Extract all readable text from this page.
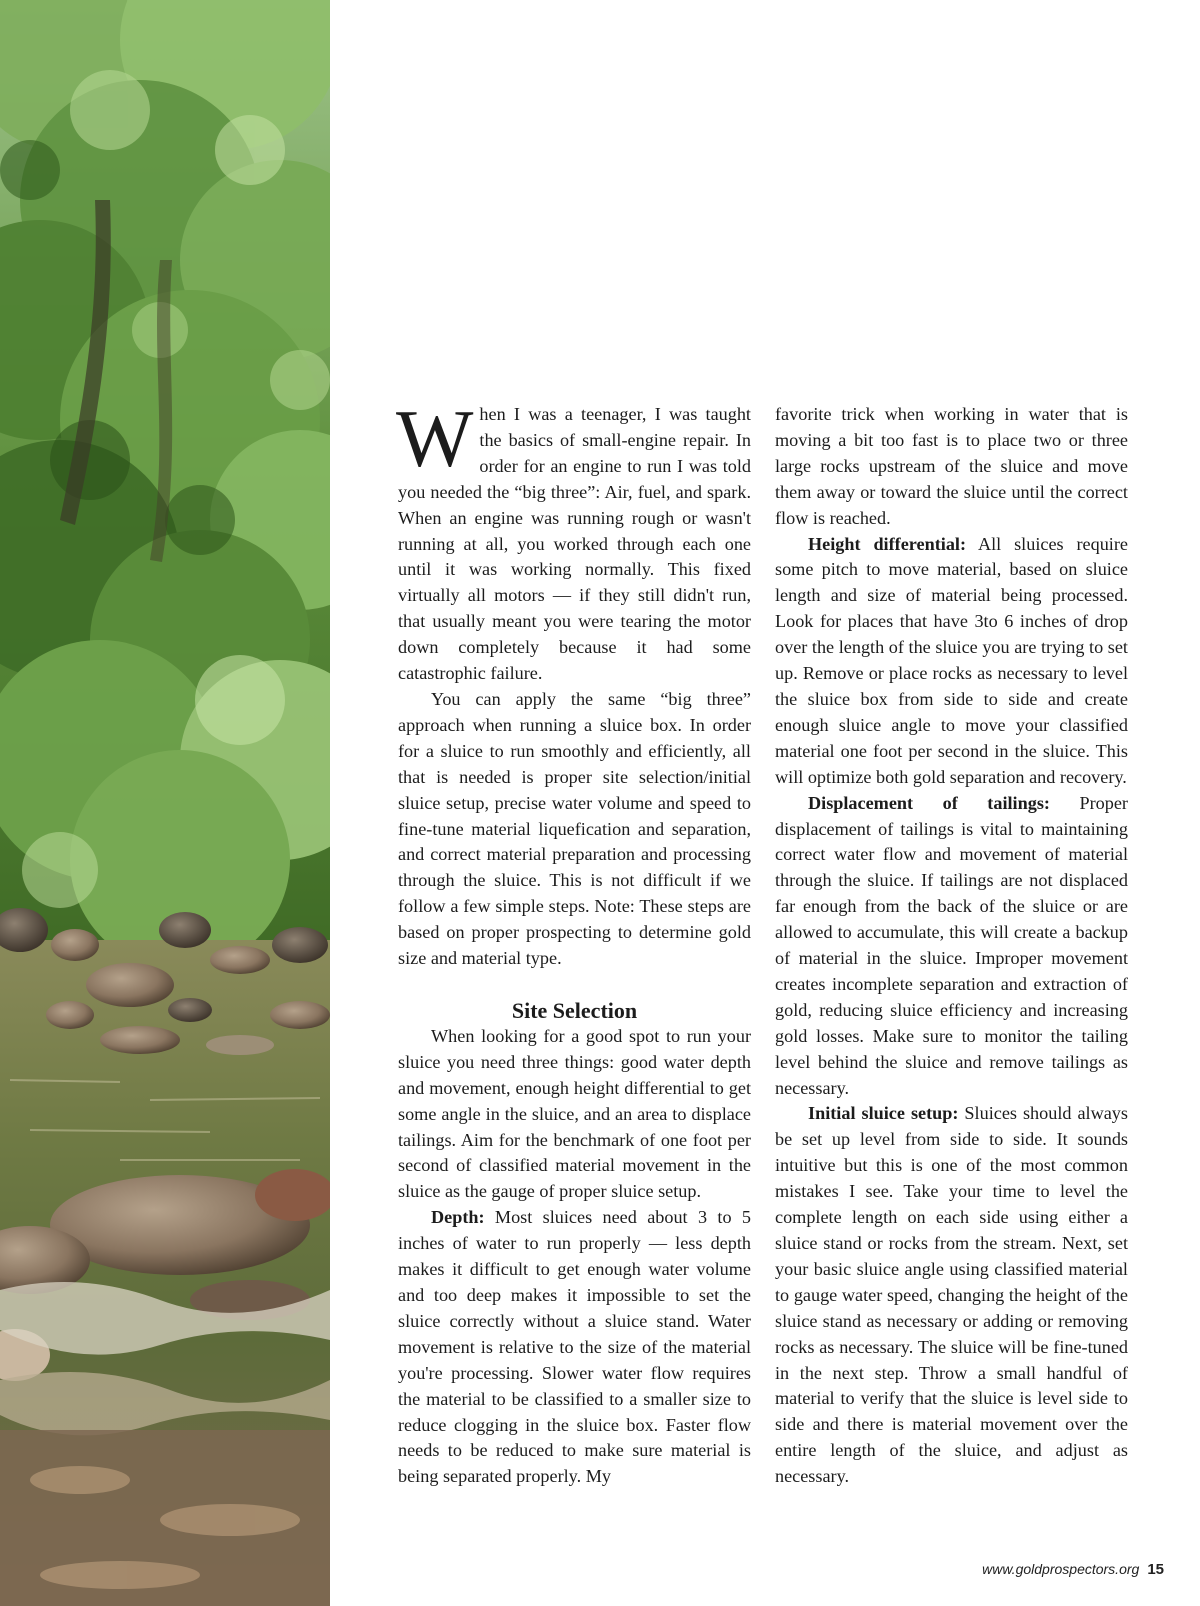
When I was a teenager, I was taught the basics of small-engine repair. In order for an engine to run I was told you needed the “big three”: Air, fuel, and spark. When an engine was running rough or wasn't running at all, you worked through each one until it was working normally. This fixed virtually all motors — if they still didn't run, that usually meant you were tearing the motor down completely because it had some catastrophic failure.

You can apply the same “big three” approach when running a sluice box. In order for a sluice to run smoothly and efficiently, all that is needed is proper site selection/initial sluice setup, precise water volume and speed to fine-tune material liquefication and separation, and correct material preparation and processing through the sluice. This is not difficult if we follow a few simple steps. Note: These steps are based on proper prospecting to determine gold size and material type.

Site Selection

When looking for a good spot to run your sluice you need three things: good water depth and movement, enough height differential to get some angle in the sluice, and an area to displace tailings. Aim for the benchmark of one foot per second of classified material movement in the sluice as the gauge of proper sluice setup.

Depth: Most sluices need about 3 to 5 inches of water to run properly — less depth makes it difficult to get enough water volume and too deep makes it impossible to set the sluice correctly without a sluice stand. Water movement is relative to the size of the material you're processing. Slower water flow requires the material to be classified to a smaller size to reduce clogging in the sluice box. Faster flow needs to be reduced to make sure material is being separated properly. My

favorite trick when working in water that is moving a bit too fast is to place two or three large rocks upstream of the sluice and move them away or toward the sluice until the correct flow is reached.

Height differential: All sluices require some pitch to move material, based on sluice length and size of material being processed. Look for places that have 3to 6 inches of drop over the length of the sluice you are trying to set up. Remove or place rocks as necessary to level the sluice box from side to side and create enough sluice angle to move your classified material one foot per second in the sluice. This will optimize both gold separation and recovery.

Displacement of tailings: Proper displacement of tailings is vital to maintaining correct water flow and movement of material through the sluice. If tailings are not displaced far enough from the back of the sluice or are allowed to accumulate, this will create a backup of material in the sluice. Improper movement creates incomplete separation and extraction of gold, reducing sluice efficiency and increasing gold losses. Make sure to monitor the tailing level behind the sluice and remove tailings as necessary.

Initial sluice setup: Sluices should always be set up level from side to side. It sounds intuitive but this is one of the most common mistakes I see. Take your time to level the complete length on each side using either a sluice stand or rocks from the stream. Next, set your basic sluice angle using classified material to gauge water speed, changing the height of the sluice stand as necessary or adding or removing rocks as necessary. The sluice will be fine-tuned in the next step. Throw a small handful of material to verify that the sluice is level side to side and there is material movement over the entire length of the sluice, and adjust as necessary.

www.goldprospectors.org 15
